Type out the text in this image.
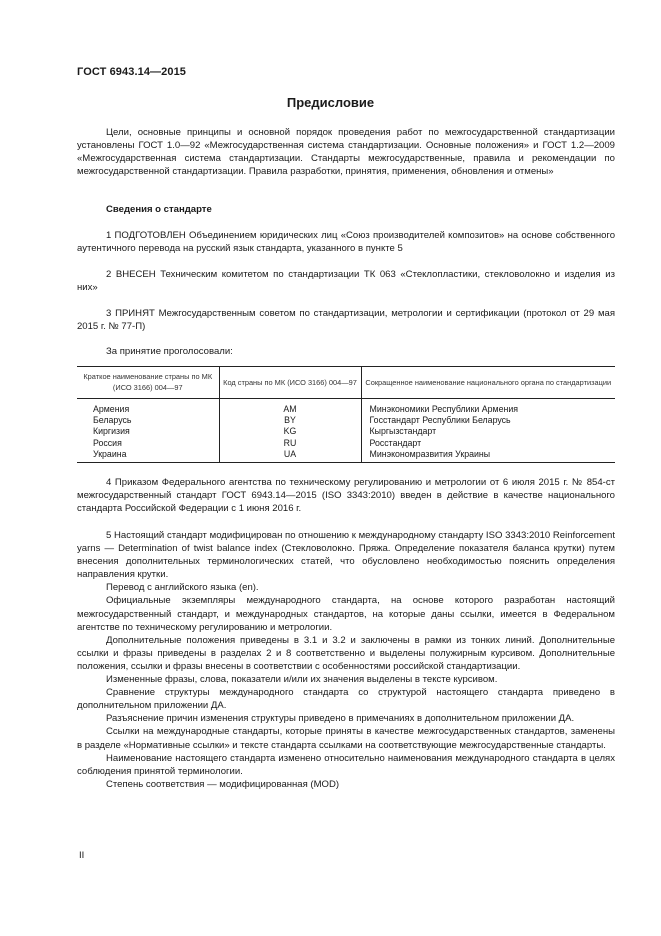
ГОСТ 6943.14—2015
Предисловие

Цели, основные принципы и основной порядок проведения работ по межгосударственной стандартизации установлены ГОСТ 1.0—92 «Межгосударственная система стандартизации. Основные положения» и ГОСТ 1.2—2009 «Межгосударственная система стандартизации. Стандарты межгосударственные, правила и рекомендации по межгосударственной стандартизации. Правила разработки, принятия, применения, обновления и отмены»

Сведения о стандарте

1 ПОДГОТОВЛЕН Объединением юридических лиц «Союз производителей композитов» на основе собственного аутентичного перевода на русский язык стандарта, указанного в пункте 5

2 ВНЕСЕН Техническим комитетом по стандартизации ТК 063 «Стеклопластики, стекловолокно и изделия из них»

3 ПРИНЯТ Межгосударственным советом по стандартизации, метрологии и сертификации (протокол от 29 мая 2015 г. № 77-П)

За принятие проголосовали:
Краткое наименование страны по МК (ИСО 3166) 004—97	Код страны по МК (ИСО 3166) 004—97	Сокращенное наименование национального органа по стандартизации
Армения	AM	Минэкономики Республики Армения
Беларусь	BY	Госстандарт Республики Беларусь
Киргизия	KG	Кыргызстандарт
Россия	RU	Росстандарт
Украина	UA	Минэкономразвития Украины

4 Приказом Федерального агентства по техническому регулированию и метрологии от 6 июля 2015 г. № 854-ст межгосударственный стандарт ГОСТ 6943.14—2015 (ISO 3343:2010) введен в действие в качестве национального стандарта Российской Федерации с 1 июня 2016 г.

5 Настоящий стандарт модифицирован по отношению к международному стандарту ISO 3343:2010 Reinforcement yarns — Determination of twist balance index (Стекловолокно. Пряжа. Определение показателя баланса крутки) путем внесения дополнительных терминологических статей, что обусловлено необходимостью пояснить определения направления крутки.

Перевод с английского языка (en).

Официальные экземпляры международного стандарта, на основе которого разработан настоящий межгосударственный стандарт, и международных стандартов, на которые даны ссылки, имеется в Федеральном агентстве по техническому регулированию и метрологии.

Дополнительные положения приведены в 3.1 и 3.2 и заключены в рамки из тонких линий. Дополнительные ссылки и фразы приведены в разделах 2 и 8 соответственно и выделены полужирным курсивом. Дополнительные положения, ссылки и фразы внесены в соответствии с особенностями российской стандартизации.

Измененные фразы, слова, показатели и/или их значения выделены в тексте курсивом.

Сравнение структуры международного стандарта со структурой настоящего стандарта приведено в дополнительном приложении ДА.

Разъяснение причин изменения структуры приведено в примечаниях в дополнительном приложении ДА.

Ссылки на международные стандарты, которые приняты в качестве межгосударственных стандартов, заменены в разделе «Нормативные ссылки» и тексте стандарта ссылками на соответствующие межгосударственные стандарты.

Наименование настоящего стандарта изменено относительно наименования международного стандарта в целях соблюдения принятой терминологии.

Степень соответствия — модифицированная (MOD)

II
